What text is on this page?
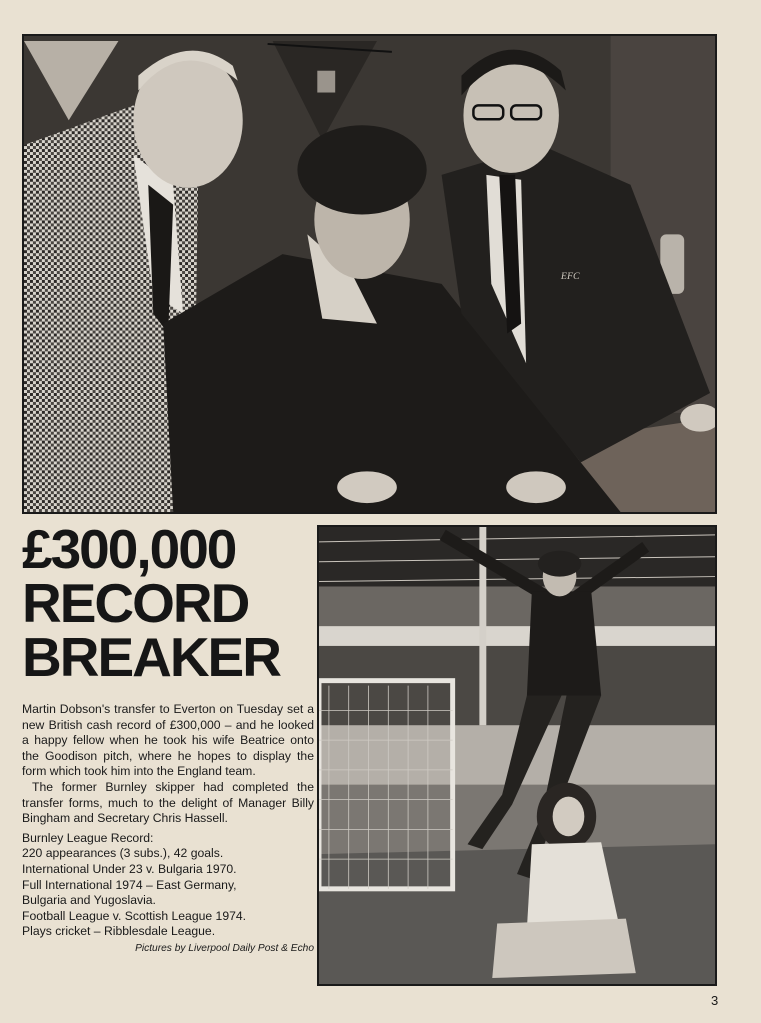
EFC
£300,000
RECORD
BREAKER

Martin Dobson's transfer to Everton on Tuesday set a new British cash record of £300,000 – and he looked a happy fellow when he took his wife Beatrice onto the Goodison pitch, where he hopes to display the form which took him into the England team.

The former Burnley skipper had completed the transfer forms, much to the delight of Manager Billy Bingham and Secretary Chris Hassell.

Burnley League Record:
220 appearances (3 subs.), 42 goals.
International Under 23 v. Bulgaria 1970.
Full International 1974 – East Germany,
Bulgaria and Yugoslavia.
Football League v. Scottish League 1974.
Plays cricket – Ribblesdale League.
Pictures by Liverpool Daily Post & Echo
3
